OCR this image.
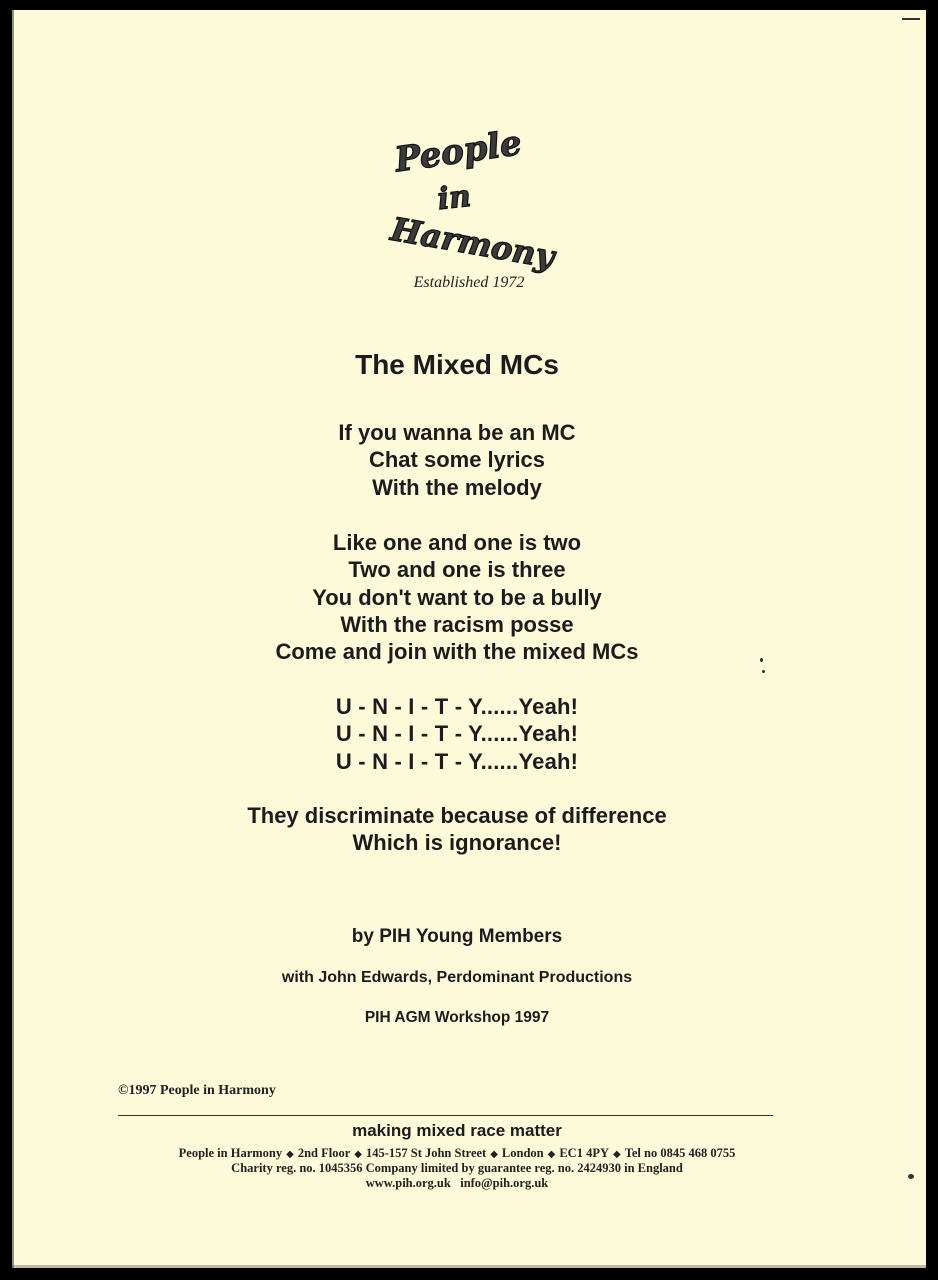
People
in
Harmony
Established 1972
The Mixed MCs
If you wanna be an MC
Chat some lyrics
With the melody
Like one and one is two
Two and one is three
You don't want to be a bully
With the racism posse
Come and join with the mixed MCs
U - N - I - T - Y......Yeah!
U - N - I - T - Y......Yeah!
U - N - I - T - Y......Yeah!
They discriminate because of difference
Which is ignorance!
by PIH Young Members
with John Edwards, Perdominant Productions
PIH AGM Workshop 1997
©1997 People in Harmony
making mixed race matter
People in Harmony ◆ 2nd Floor ◆ 145-157 St John Street ◆ London ◆ EC1 4PY ◆ Tel no 0845 468 0755
Charity reg. no. 1045356 Company limited by guarantee reg. no. 2424930 in England
www.pih.org.uk info@pih.org.uk
